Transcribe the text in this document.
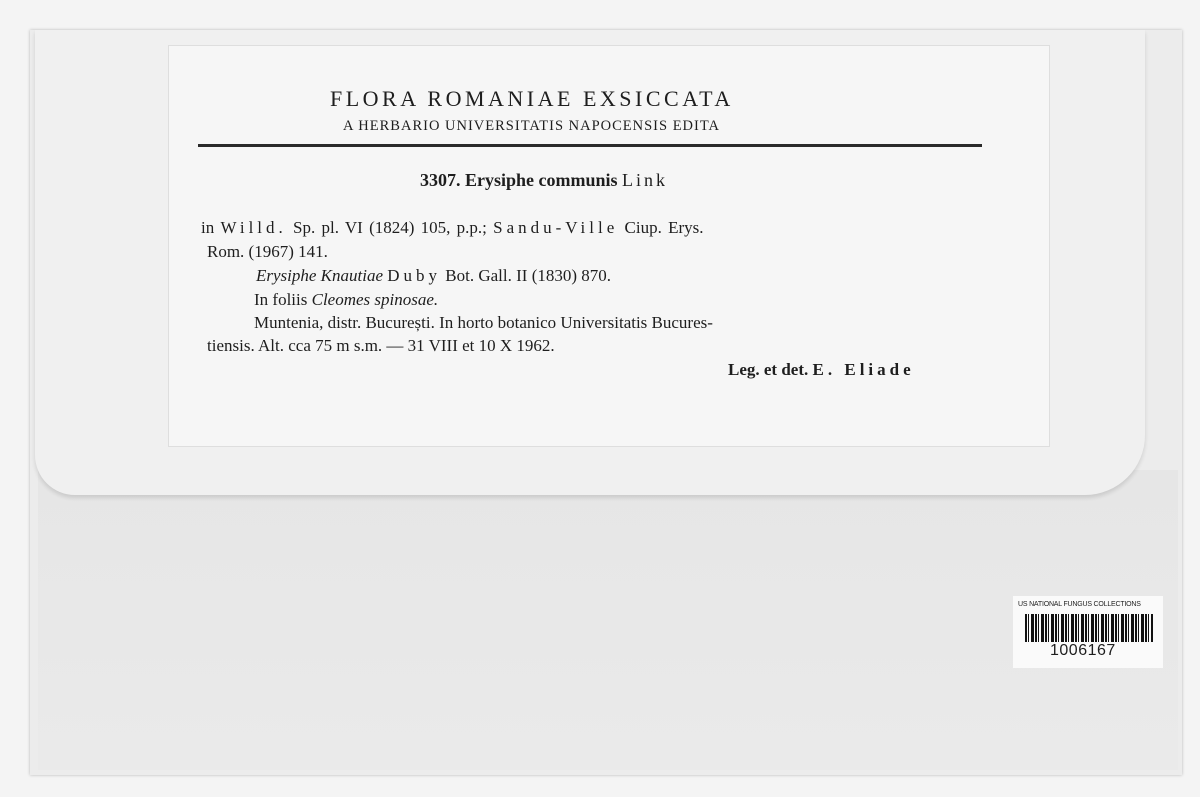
FLORA ROMANIAE EXSICCATA
A HERBARIO UNIVERSITATIS NAPOCENSIS EDITA
3307. Erysiphe communis Link
in Willd. Sp. pl. VI (1824) 105, p.p.; Sandu-Ville Ciup. Erys.
Rom. (1967) 141.
Erysiphe Knautiae Duby Bot. Gall. II (1830) 870.
In foliis Cleomes spinosae.
Muntenia, distr. București. In horto botanico Universitatis Bucures-
tiensis. Alt. cca 75 m s.m. — 31 VIII et 10 X 1962.
Leg. et det. E. Eliade
US NATIONAL FUNGUS COLLECTIONS
1006167
